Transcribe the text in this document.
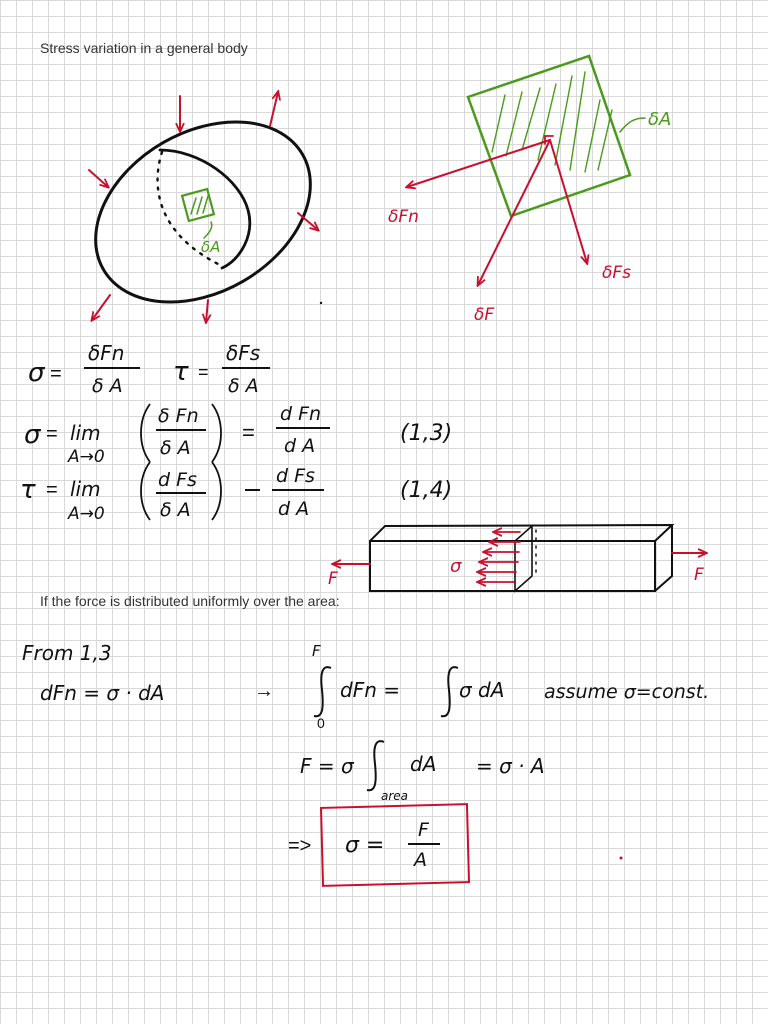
Stress variation in a general body

If the force is distributed uniformly over the area:

δA
δA
δFn
δFs
δF
σ =
δFn
δ A τ =
δFs
δ A
σ = lim
A→0
δ Fn
δ A
=
d Fn
d A	(1,3)
τ = lim
A→0
d Fs
δ A
d Fs
d A
(1,4)
σ
F	F
From 1,3
dFn = σ · dA	→
F
0
dFn =	σ dA assume σ=const.
F = σ	dA
area
= σ · A
=> σ =
F
A
